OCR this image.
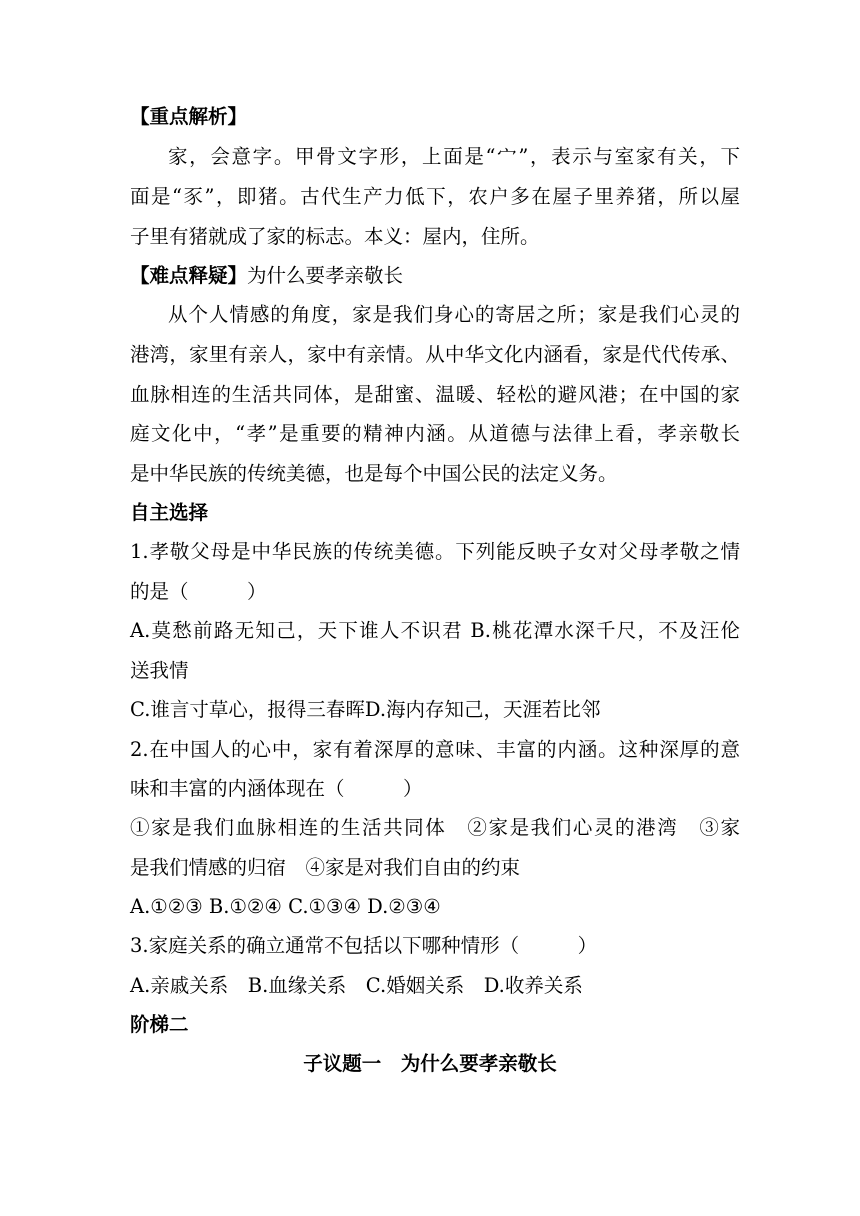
【重点解析】
家，会意字。甲骨文字形，上面是“宀”，表示与室家有关，下
面是“豕”，即猪。古代生产力低下，农户多在屋子里养猪，所以屋
子里有猪就成了家的标志。本义：屋内，住所。
【难点释疑】为什么要孝亲敬长
从个人情感的角度，家是我们身心的寄居之所；家是我们心灵的
港湾，家里有亲人，家中有亲情。从中华文化内涵看，家是代代传承、
血脉相连的生活共同体，是甜蜜、温暖、轻松的避风港；在中国的家
庭文化中，“孝”是重要的精神内涵。从道德与法律上看，孝亲敬长
是中华民族的传统美德，也是每个中国公民的法定义务。
自主选择
1.孝敬父母是中华民族的传统美德。下列能反映子女对父母孝敬之情
的是（　　　）
A.莫愁前路无知己，天下谁人不识君 B.桃花潭水深千尺，不及汪伦
送我情
C.谁言寸草心，报得三春晖D.海内存知己，天涯若比邻
2.在中国人的心中，家有着深厚的意味、丰富的内涵。这种深厚的意
味和丰富的内涵体现在（　　　）
①家是我们血脉相连的生活共同体　②家是我们心灵的港湾　③家
是我们情感的归宿　④家是对我们自由的约束
A.①②③ B.①②④ C.①③④ D.②③④
3.家庭关系的确立通常不包括以下哪种情形（　　　）
A.亲戚关系　B.血缘关系　C.婚姻关系　D.收养关系
阶梯二
子议题一　为什么要孝亲敬长
